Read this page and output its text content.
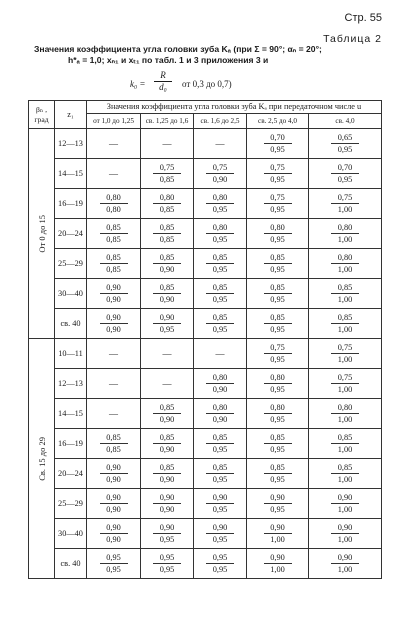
Стр. 55
Таблица 2
Значения коэффициента угла головки зуба Kₐ (при Σ = 90°; αₙ = 20°;
h*ₐ = 1,0; xₙ₁ и xₜ₁ по табл. 1 и 3 приложения 3 и
$k_0 = \frac{R}{\text{d₀}}$ от 0,3 до 0,7)
βₙ , град	z₁	Значения коэффициента угла головки зуба Kₐ при передаточном числе u				
		от 1,0 до 1,25	св. 1,25 до 1,6	св. 1,6 до 2,5	св. 2,5 до 4,0	св. 4,0

От 0 до 15	12—13	—	—	—	$\frac{0,70}{0,95}$	$\frac{0,65}{0,95}$

	14—15	—	$\frac{0,75}{0,85}$	$\frac{0,75}{0,90}$	$\frac{0,75}{0,95}$	$\frac{0,70}{0,95}$

	16—19	$\frac{0,80}{0,80}$	$\frac{0,80}{0,85}$	$\frac{0,80}{0,95}$	$\frac{0,75}{0,95}$	$\frac{0,75}{1,00}$

	20—24	$\frac{0,85}{0,85}$	$\frac{0,85}{0,85}$	$\frac{0,80}{0,95}$	$\frac{0,80}{0,95}$	$\frac{0,80}{1,00}$

	25—29	$\frac{0,85}{0,85}$	$\frac{0,85}{0,90}$	$\frac{0,85}{0,95}$	$\frac{0,85}{0,95}$	$\frac{0,80}{1,00}$

	30—40	$\frac{0,90}{0,90}$	$\frac{0,85}{0,90}$	$\frac{0,85}{0,95}$	$\frac{0,85}{0,95}$	$\frac{0,85}{1,00}$

	св. 40	$\frac{0,90}{0,90}$	$\frac{0,90}{0,95}$	$\frac{0,85}{0,95}$	$\frac{0,85}{0,95}$	$\frac{0,85}{1,00}$

Св. 15 до 29	10—11	—	—	—	$\frac{0,75}{0,95}$	$\frac{0,75}{1,00}$

	12—13	—	—	$\frac{0,80}{0,90}$	$\frac{0,80}{0,95}$	$\frac{0,75}{1,00}$

	14—15	—	$\frac{0,85}{0,90}$	$\frac{0,80}{0,90}$	$\frac{0,80}{0,95}$	$\frac{0,80}{1,00}$

	16—19	$\frac{0,85}{0,85}$	$\frac{0,85}{0,90}$	$\frac{0,85}{0,95}$	$\frac{0,85}{0,95}$	$\frac{0,85}{1,00}$

	20—24	$\frac{0,90}{0,90}$	$\frac{0,85}{0,90}$	$\frac{0,85}{0,95}$	$\frac{0,85}{0,95}$	$\frac{0,85}{1,00}$

	25—29	$\frac{0,90}{0,90}$	$\frac{0,90}{0,90}$	$\frac{0,90}{0,95}$	$\frac{0,90}{0,95}$	$\frac{0,90}{1,00}$

	30—40	$\frac{0,90}{0,90}$	$\frac{0,90}{0,95}$	$\frac{0,90}{0,95}$	$\frac{0,90}{1,00}$	$\frac{0,90}{1,00}$

	св. 40	$\frac{0,95}{0,95}$	$\frac{0,95}{0,95}$	$\frac{0,95}{0,95}$	$\frac{0,90}{1,00}$	$\frac{0,90}{1,00}$
